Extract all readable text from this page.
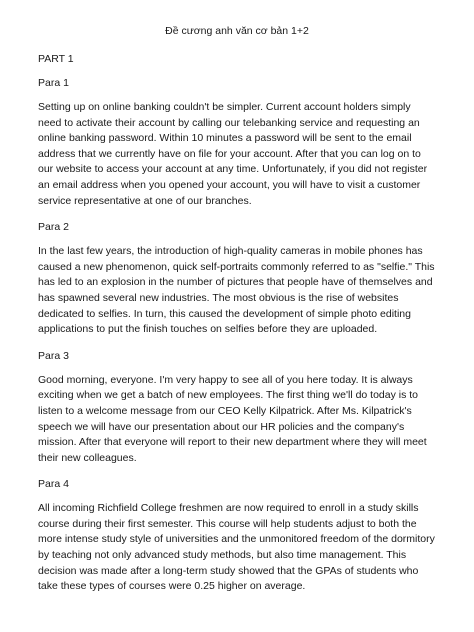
Đề cương anh văn cơ bản 1+2
PART 1
Para 1
Setting up on online banking couldn't be simpler. Current account holders simply need to activate their account by calling our telebanking service and requesting an online banking password. Within 10 minutes a password will be sent to the email address that we currently have on file for your account. After that you can log on to our website to access your account at any time. Unfortunately, if you did not register an email address when you opened your account, you will have to visit a customer service representative at one of our branches.
Para 2
In the last few years, the introduction of high-quality cameras in mobile phones has caused a new phenomenon, quick self-portraits commonly referred to as "selfie." This has led to an explosion in the number of pictures that people have of themselves and has spawned several new industries. The most obvious is the rise of websites dedicated to selfies. In turn, this caused the development of simple photo editing applications to put the finish touches on selfies before they are uploaded.
Para 3
Good morning, everyone. I'm very happy to see all of you here today. It is always exciting when we get a batch of new employees. The first thing we'll do today is to listen to a welcome message from our CEO Kelly Kilpatrick. After Ms. Kilpatrick's speech we will have our presentation about our HR policies and the company's mission. After that everyone will report to their new department where they will meet their new colleagues.
Para 4
All incoming Richfield College freshmen are now required to enroll in a study skills course during their first semester. This course will help students adjust to both the more intense study style of universities and the unmonitored freedom of the dormitory by teaching not only advanced study methods, but also time management. This decision was made after a long-term study showed that the GPAs of students who take these types of courses were 0.25 higher on average.
